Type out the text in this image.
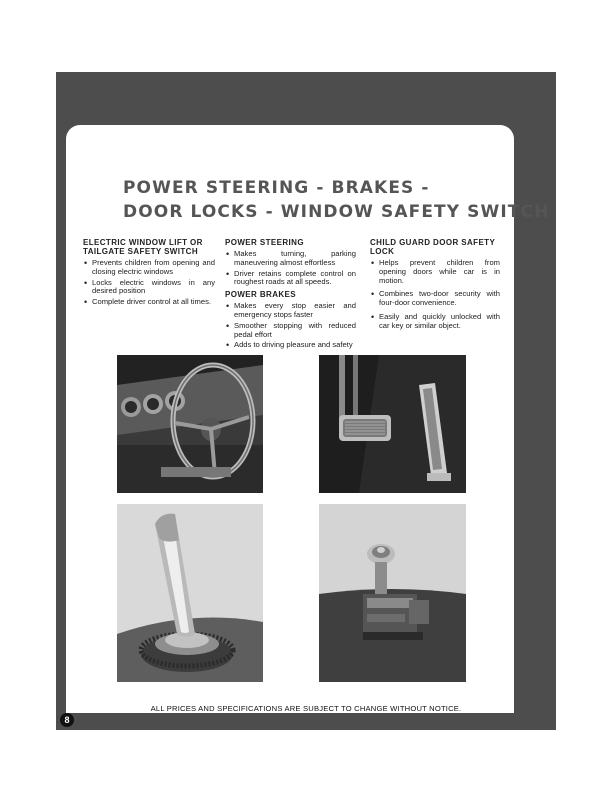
POWER STEERING - BRAKES -
DOOR LOCKS - WINDOW SAFETY SWITCH
ELECTRIC WINDOW LIFT OR TAILGATE SAFETY SWITCH
• Prevents children from opening and closing electric windows
• Locks electric windows in any desired position
• Complete driver control at all times.
POWER STEERING
• Makes turning, parking maneuvering almost effortless
• Driver retains complete control on roughest roads at all speeds.
POWER BRAKES
• Makes every stop easier and emergency stops faster
• Smoother stopping with reduced pedal effort
• Adds to driving pleasure and safety
CHILD GUARD DOOR SAFETY LOCK
• Helps prevent children from opening doors while car is in motion.
• Combines two-door security with four-door convenience.
• Easily and quickly unlocked with car key or similar object.
ALL PRICES AND SPECIFICATIONS ARE SUBJECT TO CHANGE WITHOUT NOTICE.
8
